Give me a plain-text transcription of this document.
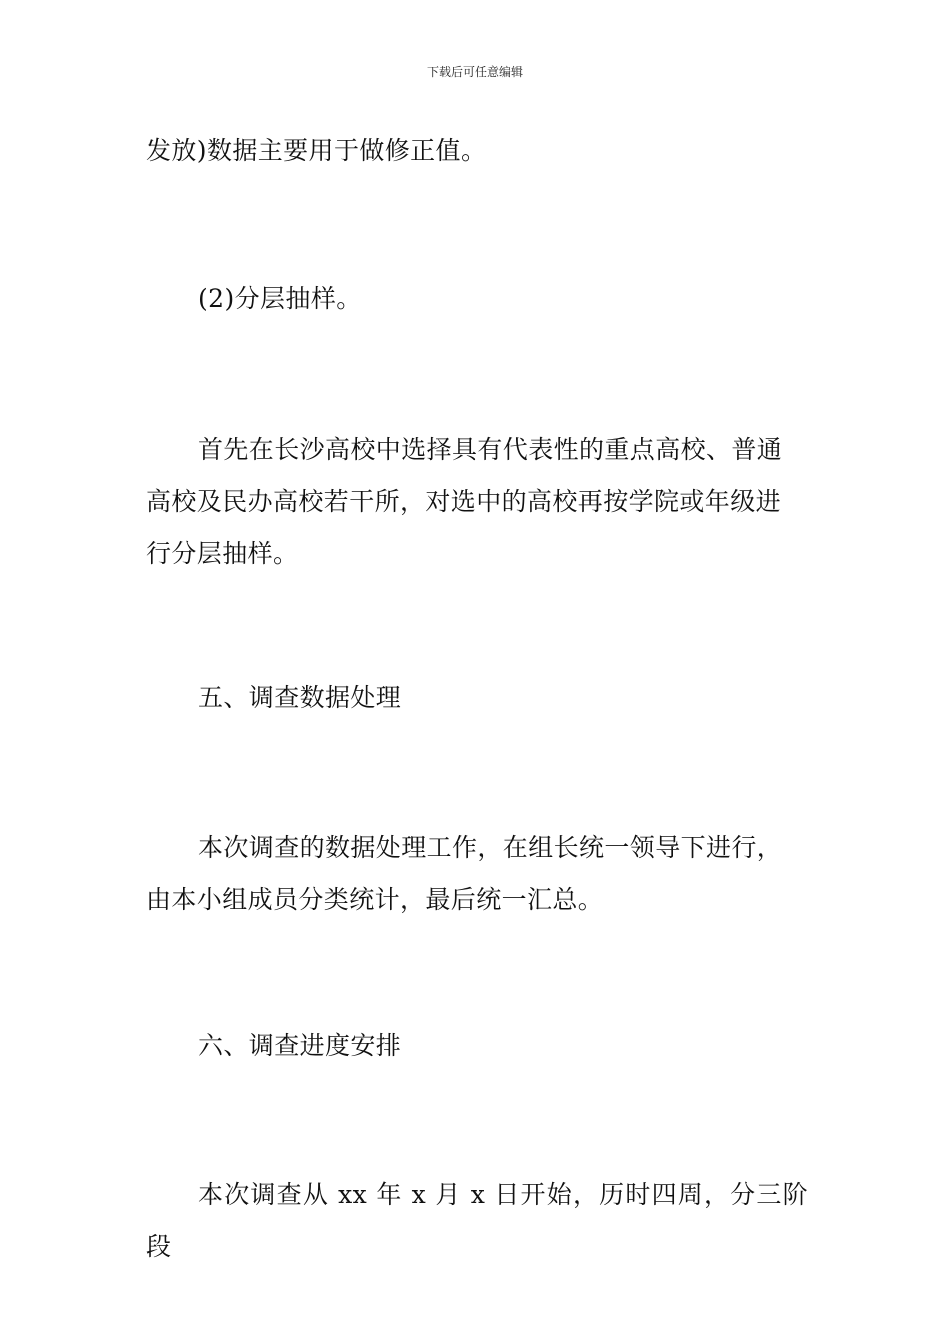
下载后可任意编辑

发放)数据主要用于做修正值。

(2)分层抽样。

首先在长沙高校中选择具有代表性的重点高校、普通
高校及民办高校若干所，对选中的高校再按学院或年级进
行分层抽样。

五、调查数据处理

本次调查的数据处理工作，在组长统一领导下进行，
由本小组成员分类统计，最后统一汇总。

六、调查进度安排

本次调查从 xx 年 x 月 x 日开始，历时四周，分三阶段
